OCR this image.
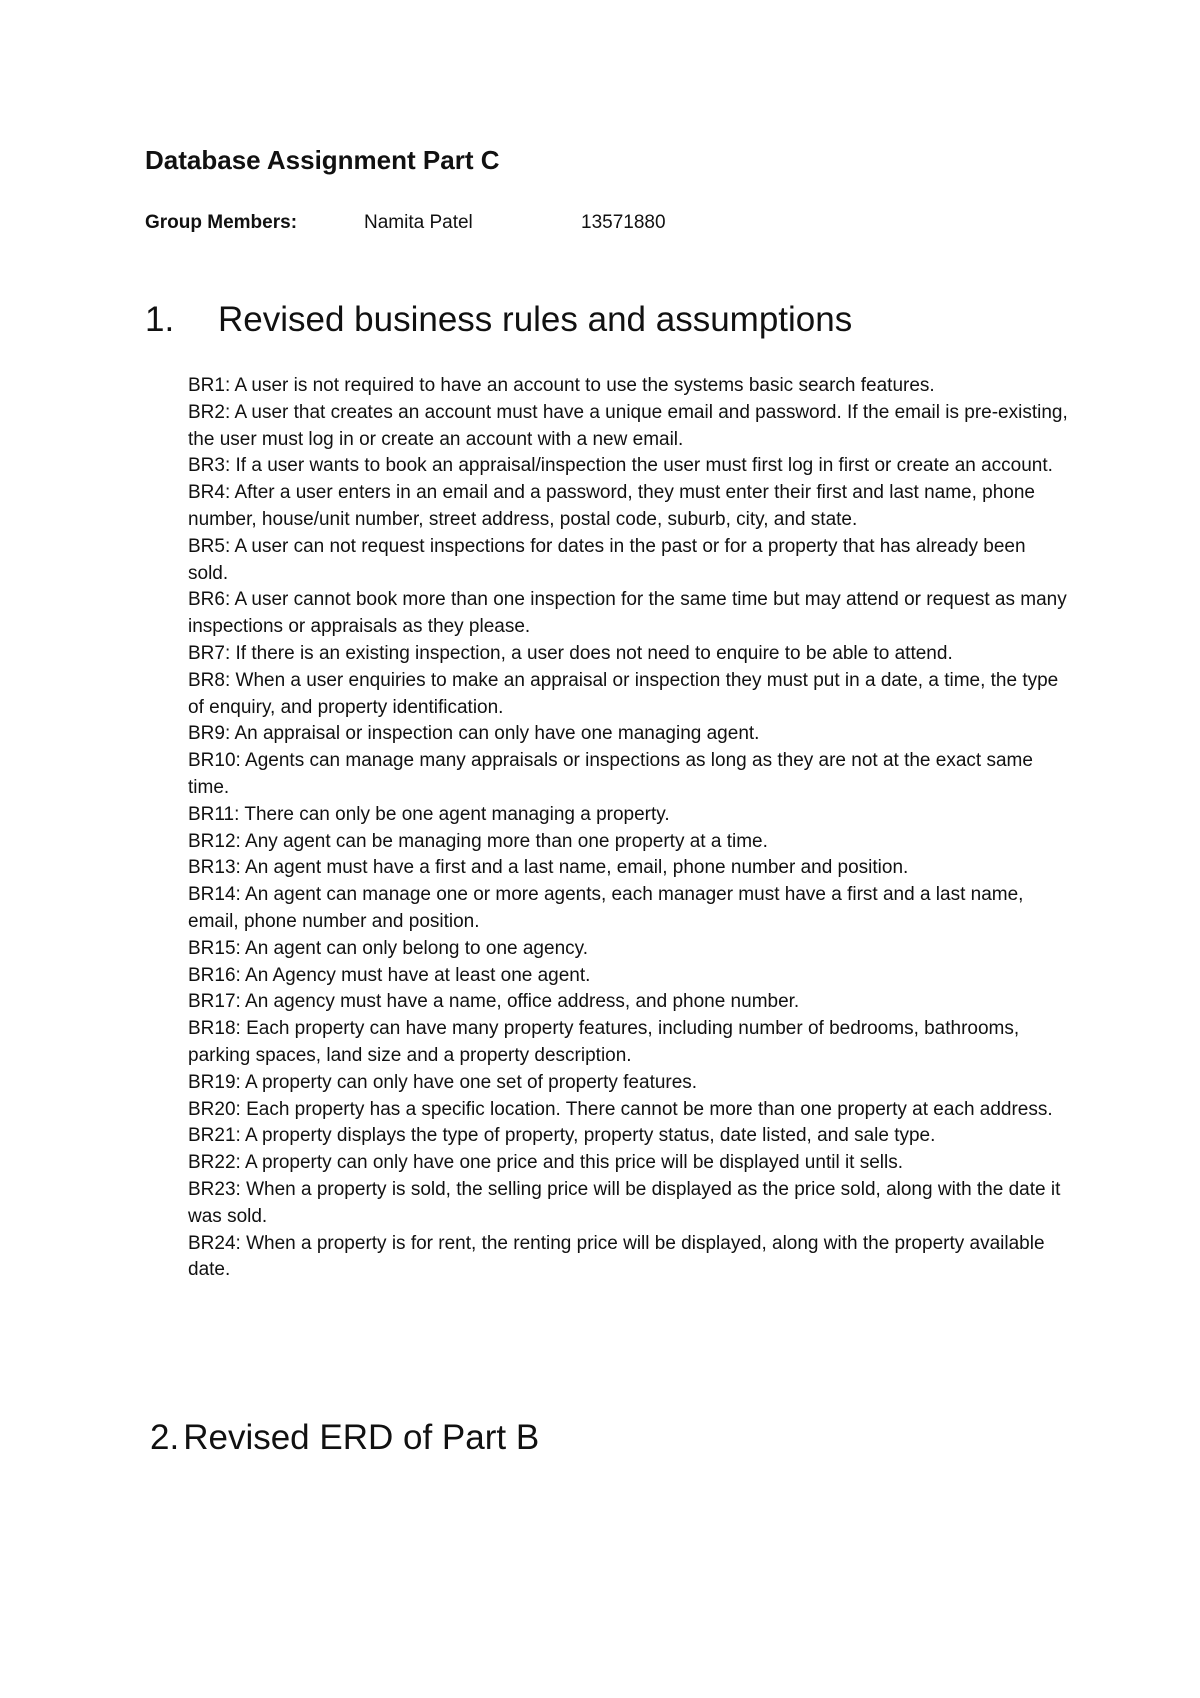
Database Assignment Part C
Group Members:	Namita Patel	13571880
1. Revised business rules and assumptions
BR1: A user is not required to have an account to use the systems basic search features.
BR2: A user that creates an account must have a unique email and password. If the email is pre-existing, the user must log in or create an account with a new email.
BR3: If a user wants to book an appraisal/inspection the user must first log in first or create an account.
BR4: After a user enters in an email and a password, they must enter their first and last name, phone number, house/unit number, street address, postal code, suburb, city, and state.
BR5: A user can not request inspections for dates in the past or for a property that has already been sold.
BR6: A user cannot book more than one inspection for the same time but may attend or request as many inspections or appraisals as they please.
BR7: If there is an existing inspection, a user does not need to enquire to be able to attend.
BR8: When a user enquiries to make an appraisal or inspection they must put in a date, a time, the type of enquiry, and property identification.
BR9: An appraisal or inspection can only have one managing agent.
BR10: Agents can manage many appraisals or inspections as long as they are not at the exact same time.
BR11: There can only be one agent managing a property.
BR12: Any agent can be managing more than one property at a time.
BR13: An agent must have a first and a last name, email, phone number and position.
BR14: An agent can manage one or more agents, each manager must have a first and a last name, email, phone number and position.
BR15: An agent can only belong to one agency.
BR16: An Agency must have at least one agent.
BR17: An agency must have a name, office address, and phone number.
BR18: Each property can have many property features, including number of bedrooms, bathrooms, parking spaces, land size and a property description.
BR19: A property can only have one set of property features.
BR20: Each property has a specific location. There cannot be more than one property at each address.
BR21: A property displays the type of property, property status, date listed, and sale type.
BR22: A property can only have one price and this price will be displayed until it sells.
BR23: When a property is sold, the selling price will be displayed as the price sold, along with the date it was sold.
BR24: When a property is for rent, the renting price will be displayed, along with the property available date.
2. Revised ERD of Part B
